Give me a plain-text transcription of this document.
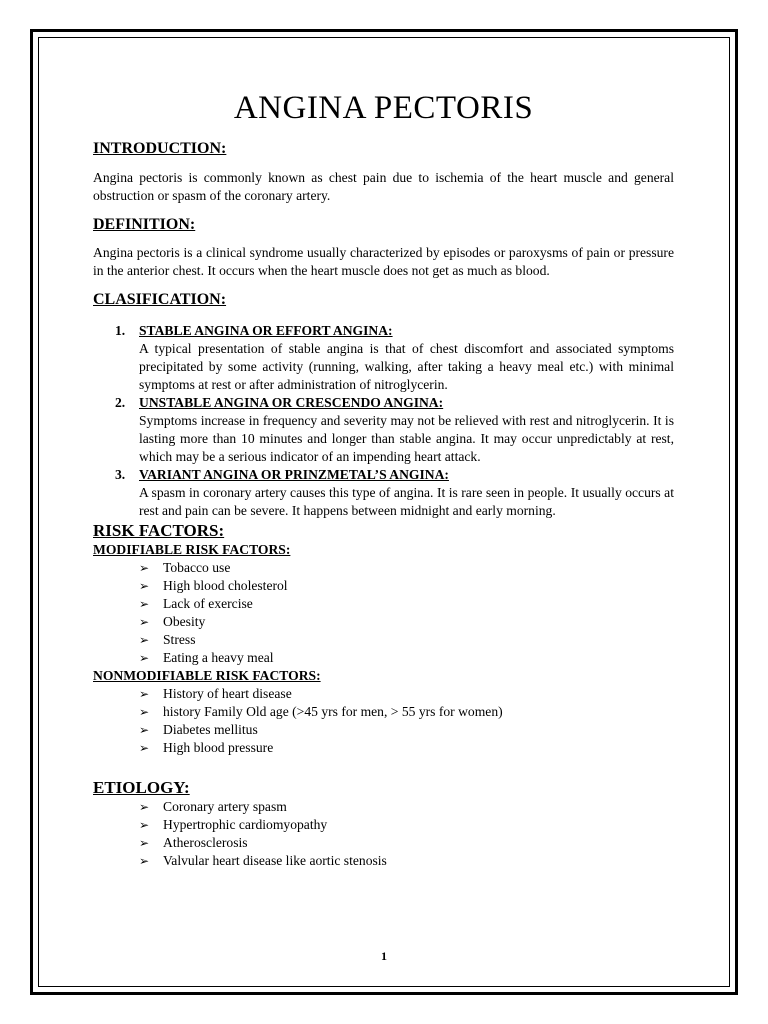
ANGINA PECTORIS
INTRODUCTION:

Angina pectoris is commonly known as chest pain due to ischemia of the heart muscle and general obstruction or spasm of the coronary artery.

DEFINITION:

Angina pectoris is a clinical syndrome usually characterized by episodes or paroxysms of pain or pressure in the anterior chest. It occurs when the heart muscle does not get as much as blood.

CLASIFICATION:
1. STABLE ANGINA OR EFFORT ANGINA:

A typical presentation of stable angina is that of chest discomfort and associated symptoms precipitated by some activity (running, walking, after taking a heavy meal etc.) with minimal symptoms at rest or after administration of nitroglycerin.

2. UNSTABLE ANGINA OR CRESCENDO ANGINA:

Symptoms increase in frequency and severity may not be relieved with rest and nitroglycerin. It is lasting more than 10 minutes and longer than stable angina. It may occur unpredictably at rest, which may be a serious indicator of an impending heart attack.

3. VARIANT ANGINA OR PRINZMETAL’S ANGINA:

A spasm in coronary artery causes this type of angina. It is rare seen in people. It usually occurs at rest and pain can be severe. It happens between midnight and early morning.

RISK FACTORS:
MODIFIABLE RISK FACTORS:
➢ Tobacco use
➢ High blood cholesterol
➢ Lack of exercise
➢ Obesity
➢ Stress
➢ Eating a heavy meal
NONMODIFIABLE RISK FACTORS:
➢ History of heart disease
➢ history Family Old age (>45 yrs for men, > 55 yrs for women)
➢ Diabetes mellitus
➢ High blood pressure
ETIOLOGY:
➢ Coronary artery spasm
➢ Hypertrophic cardiomyopathy
➢ Atherosclerosis
➢ Valvular heart disease like aortic stenosis
1
